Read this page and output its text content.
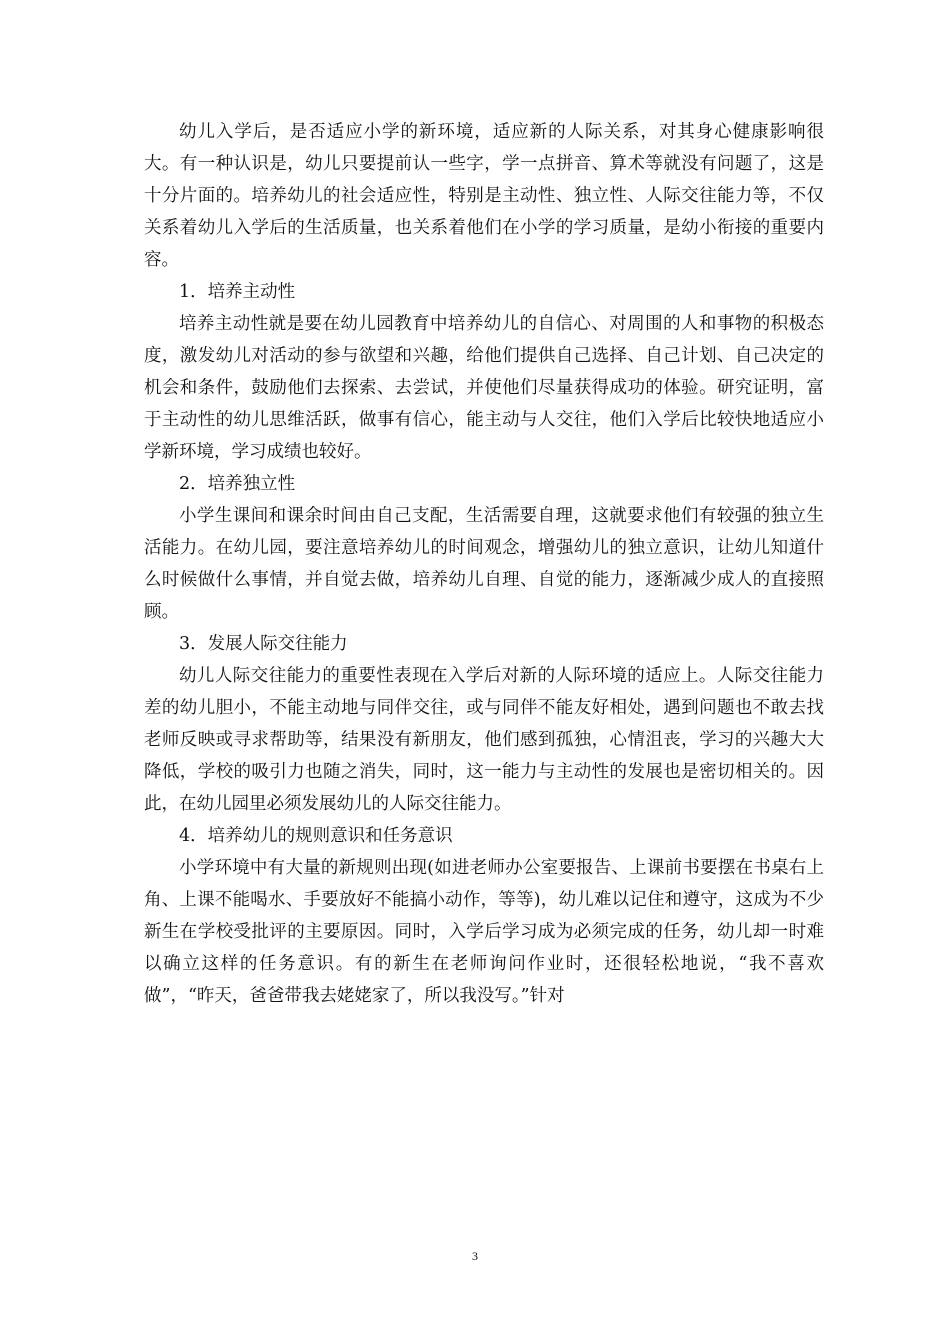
幼儿入学后，是否适应小学的新环境，适应新的人际关系，对其身心健康影响很大。有一种认识是，幼儿只要提前认一些字，学一点拼音、算术等就没有问题了，这是十分片面的。培养幼儿的社会适应性，特别是主动性、独立性、人际交往能力等，不仅关系着幼儿入学后的生活质量，也关系着他们在小学的学习质量，是幼小衔接的重要内容。

1．培养主动性

培养主动性就是要在幼儿园教育中培养幼儿的自信心、对周围的人和事物的积极态度，激发幼儿对活动的参与欲望和兴趣，给他们提供自己选择、自己计划、自己决定的机会和条件，鼓励他们去探索、去尝试，并使他们尽量获得成功的体验。研究证明，富于主动性的幼儿思维活跃，做事有信心，能主动与人交往，他们入学后比较快地适应小学新环境，学习成绩也较好。

2．培养独立性

小学生课间和课余时间由自己支配，生活需要自理，这就要求他们有较强的独立生活能力。在幼儿园，要注意培养幼儿的时间观念，增强幼儿的独立意识，让幼儿知道什么时候做什么事情，并自觉去做，培养幼儿自理、自觉的能力，逐渐减少成人的直接照顾。

3．发展人际交往能力

幼儿人际交往能力的重要性表现在入学后对新的人际环境的适应上。人际交往能力差的幼儿胆小，不能主动地与同伴交往，或与同伴不能友好相处，遇到问题也不敢去找老师反映或寻求帮助等，结果没有新朋友，他们感到孤独，心情沮丧，学习的兴趣大大降低，学校的吸引力也随之消失，同时，这一能力与主动性的发展也是密切相关的。因此，在幼儿园里必须发展幼儿的人际交往能力。

4．培养幼儿的规则意识和任务意识

小学环境中有大量的新规则出现(如进老师办公室要报告、上课前书要摆在书桌右上角、上课不能喝水、手要放好不能搞小动作，等等)，幼儿难以记住和遵守，这成为不少新生在学校受批评的主要原因。同时，入学后学习成为必须完成的任务，幼儿却一时难以确立这样的任务意识。有的新生在老师询问作业时，还很轻松地说，“我不喜欢做”，“昨天，爸爸带我去姥姥家了，所以我没写。”针对

3
